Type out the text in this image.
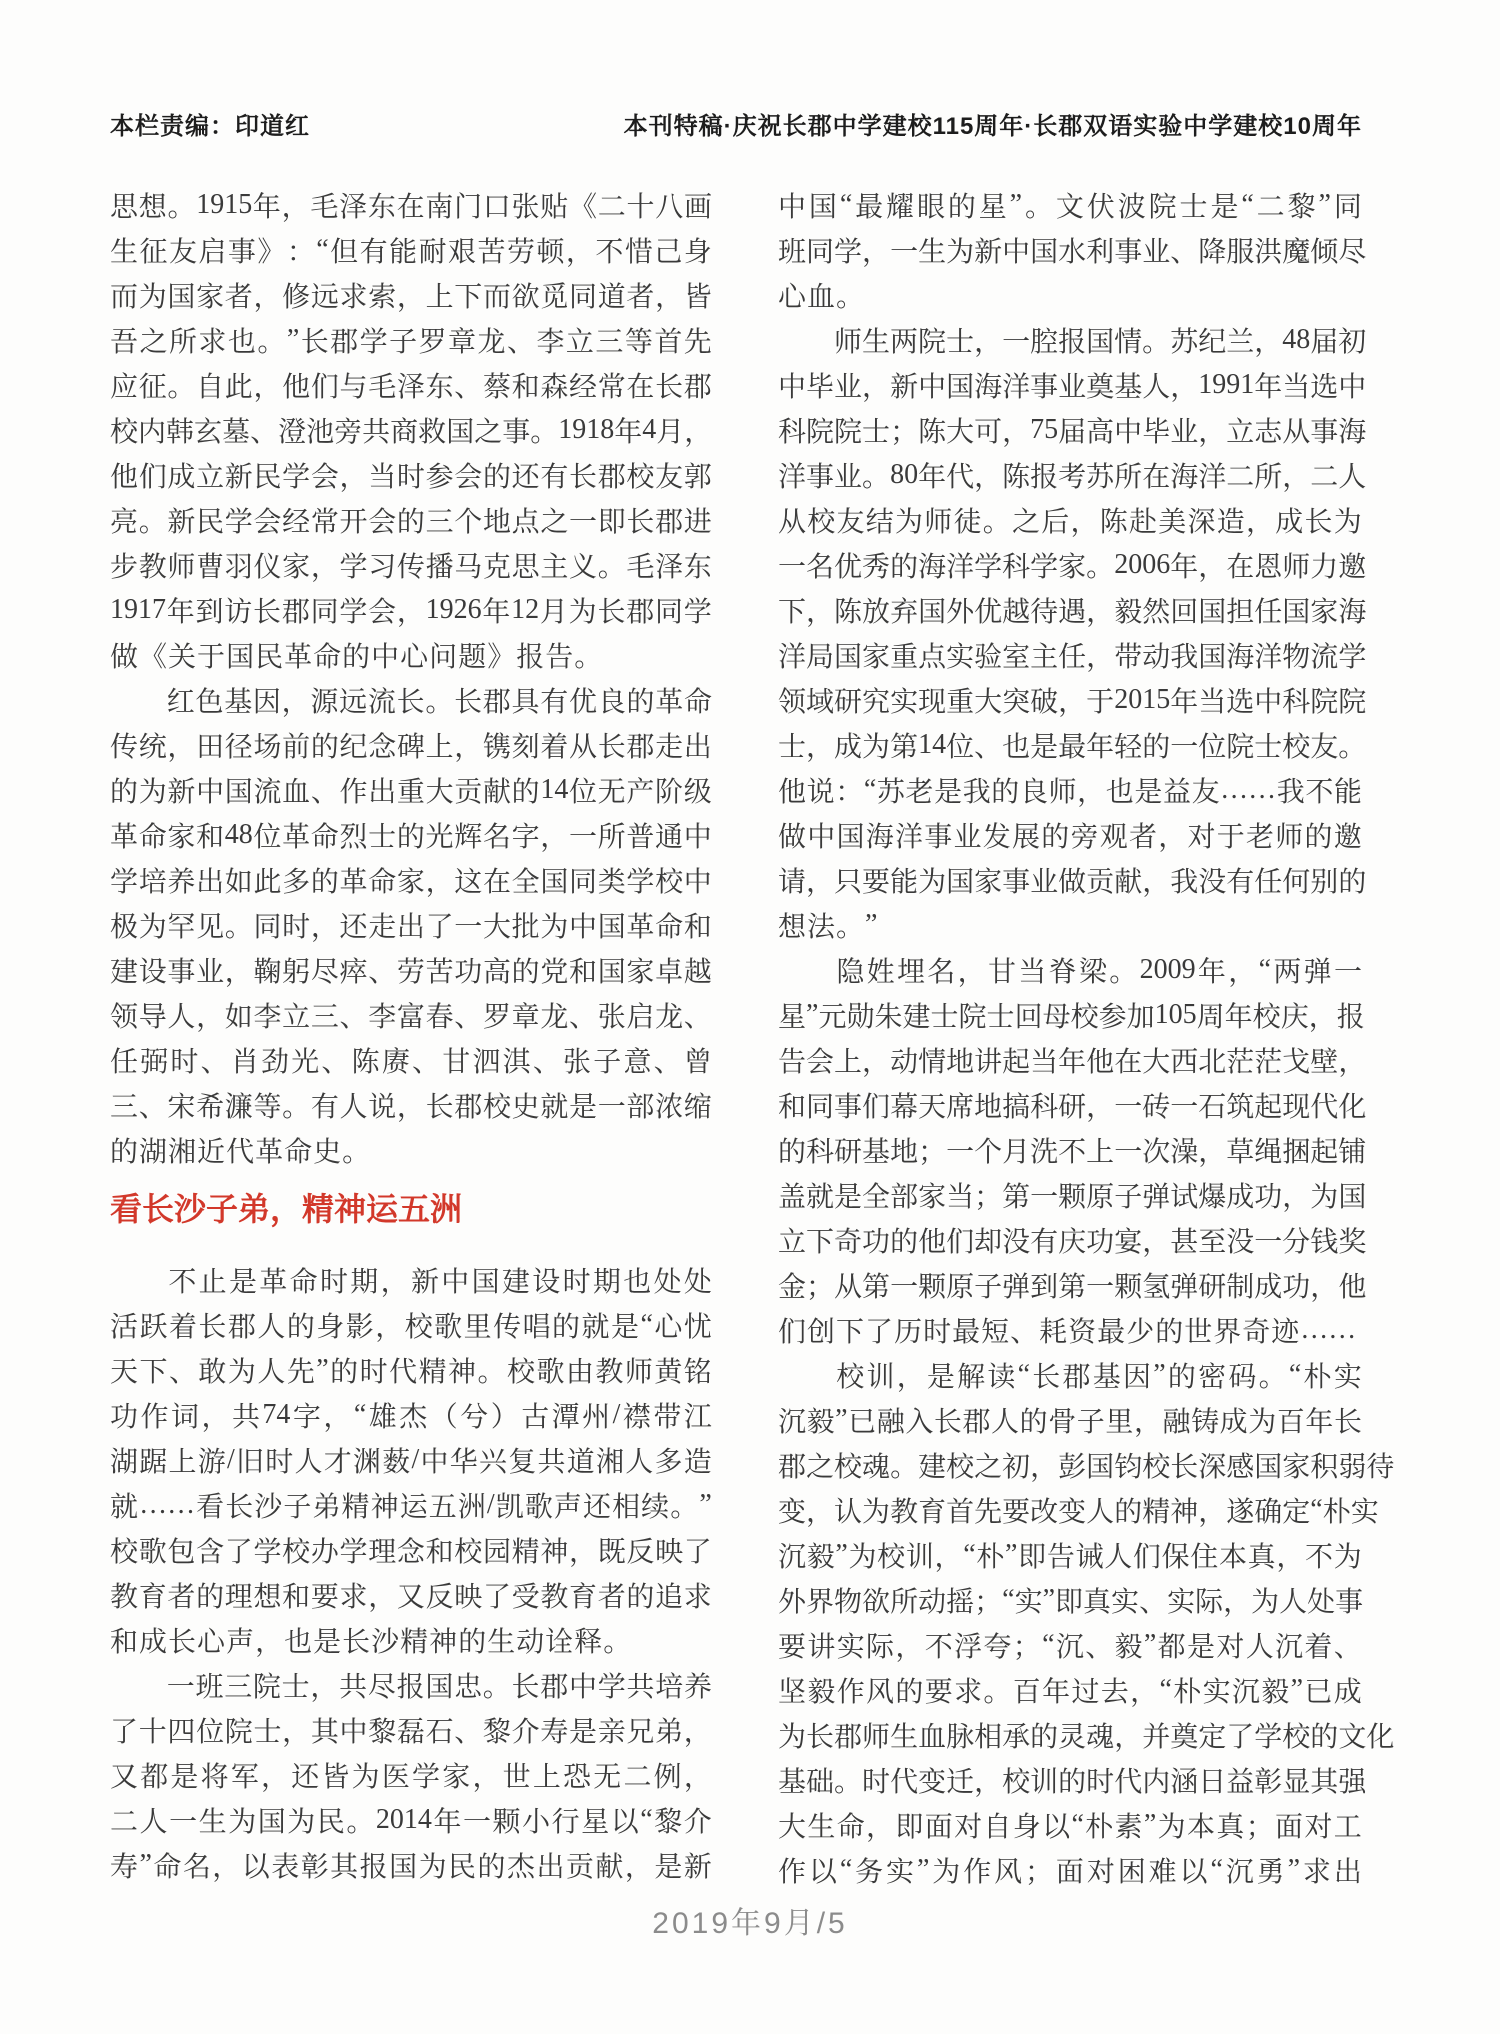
本栏责编：印道红	本刊特稿·庆祝长郡中学建校115周年·长郡双语实验中学建校10周年
思 想 。 1915 年 ， 毛 泽 东 在 南 门 口 张 贴 《 二 十 八 画
生 征 友 启 事 》 ： “ 但 有 能 耐 艰 苦 劳 顿 ， 不 惜 己 身
而 为 国 家 者 ， 修 远 求 索 ， 上 下 而 欲 觅 同 道 者 ， 皆
吾 之 所 求 也 。 ” 长 郡 学 子 罗 章 龙 、 李 立 三 等 首 先
应 征 。 自 此 ， 他 们 与 毛 泽 东 、 蔡 和 森 经 常 在 长 郡
校 内 韩 玄 墓 、 澄 池 旁 共 商 救 国 之 事 。 1918 年 4 月 ，
他 们 成 立 新 民 学 会 ， 当 时 参 会 的 还 有 长 郡 校 友 郭
亮 。 新 民 学 会 经 常 开 会 的 三 个 地 点 之 一 即 长 郡 进
步 教 师 曹 羽 仪 家 ， 学 习 传 播 马 克 思 主 义 。 毛 泽 东
1917 年 到 访 长 郡 同 学 会 ， 1926 年 12 月 为 长 郡 同 学
做 《 关 于 国 民 革 命 的 中 心 问 题 》 报 告 。
红 色 基 因 ， 源 远 流 长 。 长 郡 具 有 优 良 的 革 命
传 统 ， 田 径 场 前 的 纪 念 碑 上 ， 镌 刻 着 从 长 郡 走 出
的 为 新 中 国 流 血 、 作 出 重 大 贡 献 的 14 位 无 产 阶 级
革 命 家 和 48 位 革 命 烈 士 的 光 辉 名 字 ， 一 所 普 通 中
学 培 养 出 如 此 多 的 革 命 家 ， 这 在 全 国 同 类 学 校 中
极 为 罕 见 。 同 时 ， 还 走 出 了 一 大 批 为 中 国 革 命 和
建 设 事 业 ， 鞠 躬 尽 瘁 、 劳 苦 功 高 的 党 和 国 家 卓 越
领 导 人 ， 如 李 立 三 、 李 富 春 、 罗 章 龙 、 张 启 龙 、
任 弼 时 、 肖 劲 光 、 陈 赓 、 甘 泗 淇 、 张 子 意 、 曾
三 、 宋 希 濂 等 。 有 人 说 ， 长 郡 校 史 就 是 一 部 浓 缩
的 湖 湘 近 代 革 命 史 。
看长沙子弟，精神运五洲
不 止 是 革 命 时 期 ， 新 中 国 建 设 时 期 也 处 处
活 跃 着 长 郡 人 的 身 影 ， 校 歌 里 传 唱 的 就 是 “ 心 忧
天 下 、 敢 为 人 先 ” 的 时 代 精 神 。 校 歌 由 教 师 黄 铭
功 作 词 ， 共 74 字 ， “ 雄 杰 （ 兮 ） 古 潭 州 / 襟 带 江
湖 踞 上 游 / 旧 时 人 才 渊 薮 / 中 华 兴 复 共 道 湘 人 多 造
就 …… 看 长 沙 子 弟 精 神 运 五 洲 / 凯 歌 声 还 相 续 。 ”
校 歌 包 含 了 学 校 办 学 理 念 和 校 园 精 神 ， 既 反 映 了
教 育 者 的 理 想 和 要 求 ， 又 反 映 了 受 教 育 者 的 追 求
和 成 长 心 声 ， 也 是 长 沙 精 神 的 生 动 诠 释 。
一 班 三 院 士 ， 共 尽 报 国 忠 。 长 郡 中 学 共 培 养
了 十 四 位 院 士 ， 其 中 黎 磊 石 、 黎 介 寿 是 亲 兄 弟 ，
又 都 是 将 军 ， 还 皆 为 医 学 家 ， 世 上 恐 无 二 例 ，
二 人 一 生 为 国 为 民 。 2014 年 一 颗 小 行 星 以 “ 黎 介
寿 ” 命 名 ， 以 表 彰 其 报 国 为 民 的 杰 出 贡 献 ， 是 新
中 国 “ 最 耀 眼 的 星 ” 。 文 伏 波 院 士 是 “ 二 黎 ” 同
班 同 学 ， 一 生 为 新 中 国 水 利 事 业 、 降 服 洪 魔 倾 尽
心 血 。
师 生 两 院 士 ， 一 腔 报 国 情 。 苏 纪 兰 ， 48 届 初
中 毕 业 ， 新 中 国 海 洋 事 业 奠 基 人 ， 1991 年 当 选 中
科 院 院 士 ； 陈 大 可 ， 75 届 高 中 毕 业 ， 立 志 从 事 海
洋 事 业 。 80 年 代 ， 陈 报 考 苏 所 在 海 洋 二 所 ， 二 人
从 校 友 结 为 师 徒 。 之 后 ， 陈 赴 美 深 造 ， 成 长 为
一 名 优 秀 的 海 洋 学 科 学 家 。 2006 年 ， 在 恩 师 力 邀
下 ， 陈 放 弃 国 外 优 越 待 遇 ， 毅 然 回 国 担 任 国 家 海
洋 局 国 家 重 点 实 验 室 主 任 ， 带 动 我 国 海 洋 物 流 学
领 域 研 究 实 现 重 大 突 破 ， 于 2015 年 当 选 中 科 院 院
士 ， 成 为 第 14 位 、 也 是 最 年 轻 的 一 位 院 士 校 友 。
他 说 ： “ 苏 老 是 我 的 良 师 ， 也 是 益 友 …… 我 不 能
做 中 国 海 洋 事 业 发 展 的 旁 观 者 ， 对 于 老 师 的 邀
请 ， 只 要 能 为 国 家 事 业 做 贡 献 ， 我 没 有 任 何 别 的
想 法 。 ”
隐 姓 埋 名 ， 甘 当 脊 梁 。 2009 年 ， “ 两 弹 一
星 ” 元 勋 朱 建 士 院 士 回 母 校 参 加 105 周 年 校 庆 ， 报
告 会 上 ， 动 情 地 讲 起 当 年 他 在 大 西 北 茫 茫 戈 壁 ，
和 同 事 们 幕 天 席 地 搞 科 研 ， 一 砖 一 石 筑 起 现 代 化
的 科 研 基 地 ； 一 个 月 洗 不 上 一 次 澡 ， 草 绳 捆 起 铺
盖 就 是 全 部 家 当 ； 第 一 颗 原 子 弹 试 爆 成 功 ， 为 国
立 下 奇 功 的 他 们 却 没 有 庆 功 宴 ， 甚 至 没 一 分 钱 奖
金 ； 从 第 一 颗 原 子 弹 到 第 一 颗 氢 弹 研 制 成 功 ， 他
们 创 下 了 历 时 最 短 、 耗 资 最 少 的 世 界 奇 迹 ……
校 训 ， 是 解 读 “ 长 郡 基 因 ” 的 密 码 。 “ 朴 实
沉 毅 ” 已 融 入 长 郡 人 的 骨 子 里 ， 融 铸 成 为 百 年 长
郡 之 校 魂 。 建 校 之 初 ， 彭 国 钧 校 长 深 感 国 家 积 弱 待
变 ， 认 为 教 育 首 先 要 改 变 人 的 精 神 ， 遂 确 定 “ 朴 实
沉 毅 ” 为 校 训 ， “ 朴 ” 即 告 诫 人 们 保 住 本 真 ， 不 为
外 界 物 欲 所 动 摇 ； “ 实 ” 即 真 实 、 实 际 ， 为 人 处 事
要 讲 实 际 ， 不 浮 夸 ； “ 沉 、 毅 ” 都 是 对 人 沉 着 、
坚 毅 作 风 的 要 求 。 百 年 过 去 ， “ 朴 实 沉 毅 ” 已 成
为 长 郡 师 生 血 脉 相 承 的 灵 魂 ， 并 奠 定 了 学 校 的 文 化
基 础 。 时 代 变 迁 ， 校 训 的 时 代 内 涵 日 益 彰 显 其 强
大 生 命 ， 即 面 对 自 身 以 “ 朴 素 ” 为 本 真 ； 面 对 工
作 以 “ 务 实 ” 为 作 风 ； 面 对 困 难 以 “ 沉 勇 ” 求 出
2019年9月/5
